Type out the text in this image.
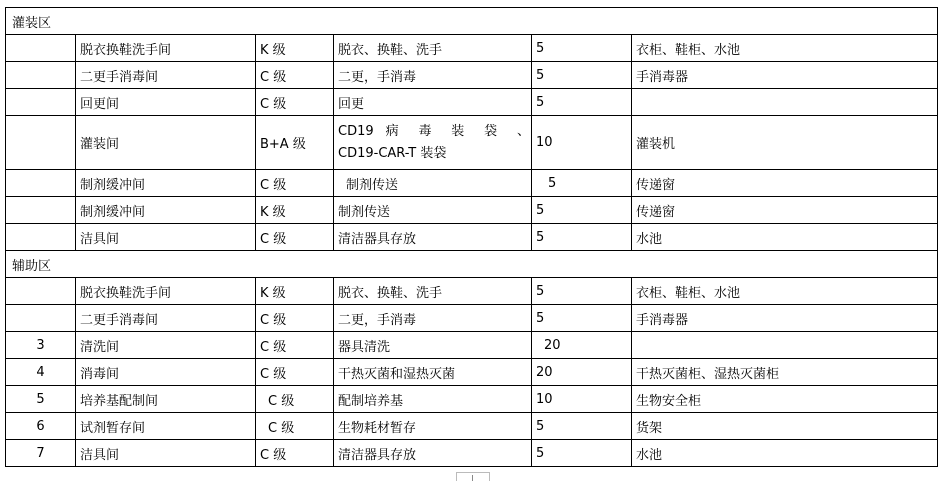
灌装区					
	脱衣换鞋洗手间	K 级	脱衣、换鞋、洗手	5	衣柜、鞋柜、水池
	二更手消毒间	C 级	二更，手消毒	5	手消毒器
	回更间	C 级	回更	5	
	灌装间	B+A 级	CD19 病 毒 装 袋 、
CD19-CAR-T 装袋	10	灌装机
	制剂缓冲间	C 级	制剂传送	5	传递窗
	制剂缓冲间	K 级	制剂传送	5	传递窗
	洁具间	C 级	清洁器具存放	5	水池
辅助区					
	脱衣换鞋洗手间	K 级	脱衣、换鞋、洗手	5	衣柜、鞋柜、水池
	二更手消毒间	C 级	二更，手消毒	5	手消毒器
3	清洗间	C 级	器具清洗	20	
4	消毒间	C 级	干热灭菌和湿热灭菌	20	干热灭菌柜、湿热灭菌柜
5	培养基配制间	C 级	配制培养基	10	生物安全柜
6	试剂暂存间	C 级	生物耗材暂存	5	货架
7	洁具间	C 级	清洁器具存放	5	水池
